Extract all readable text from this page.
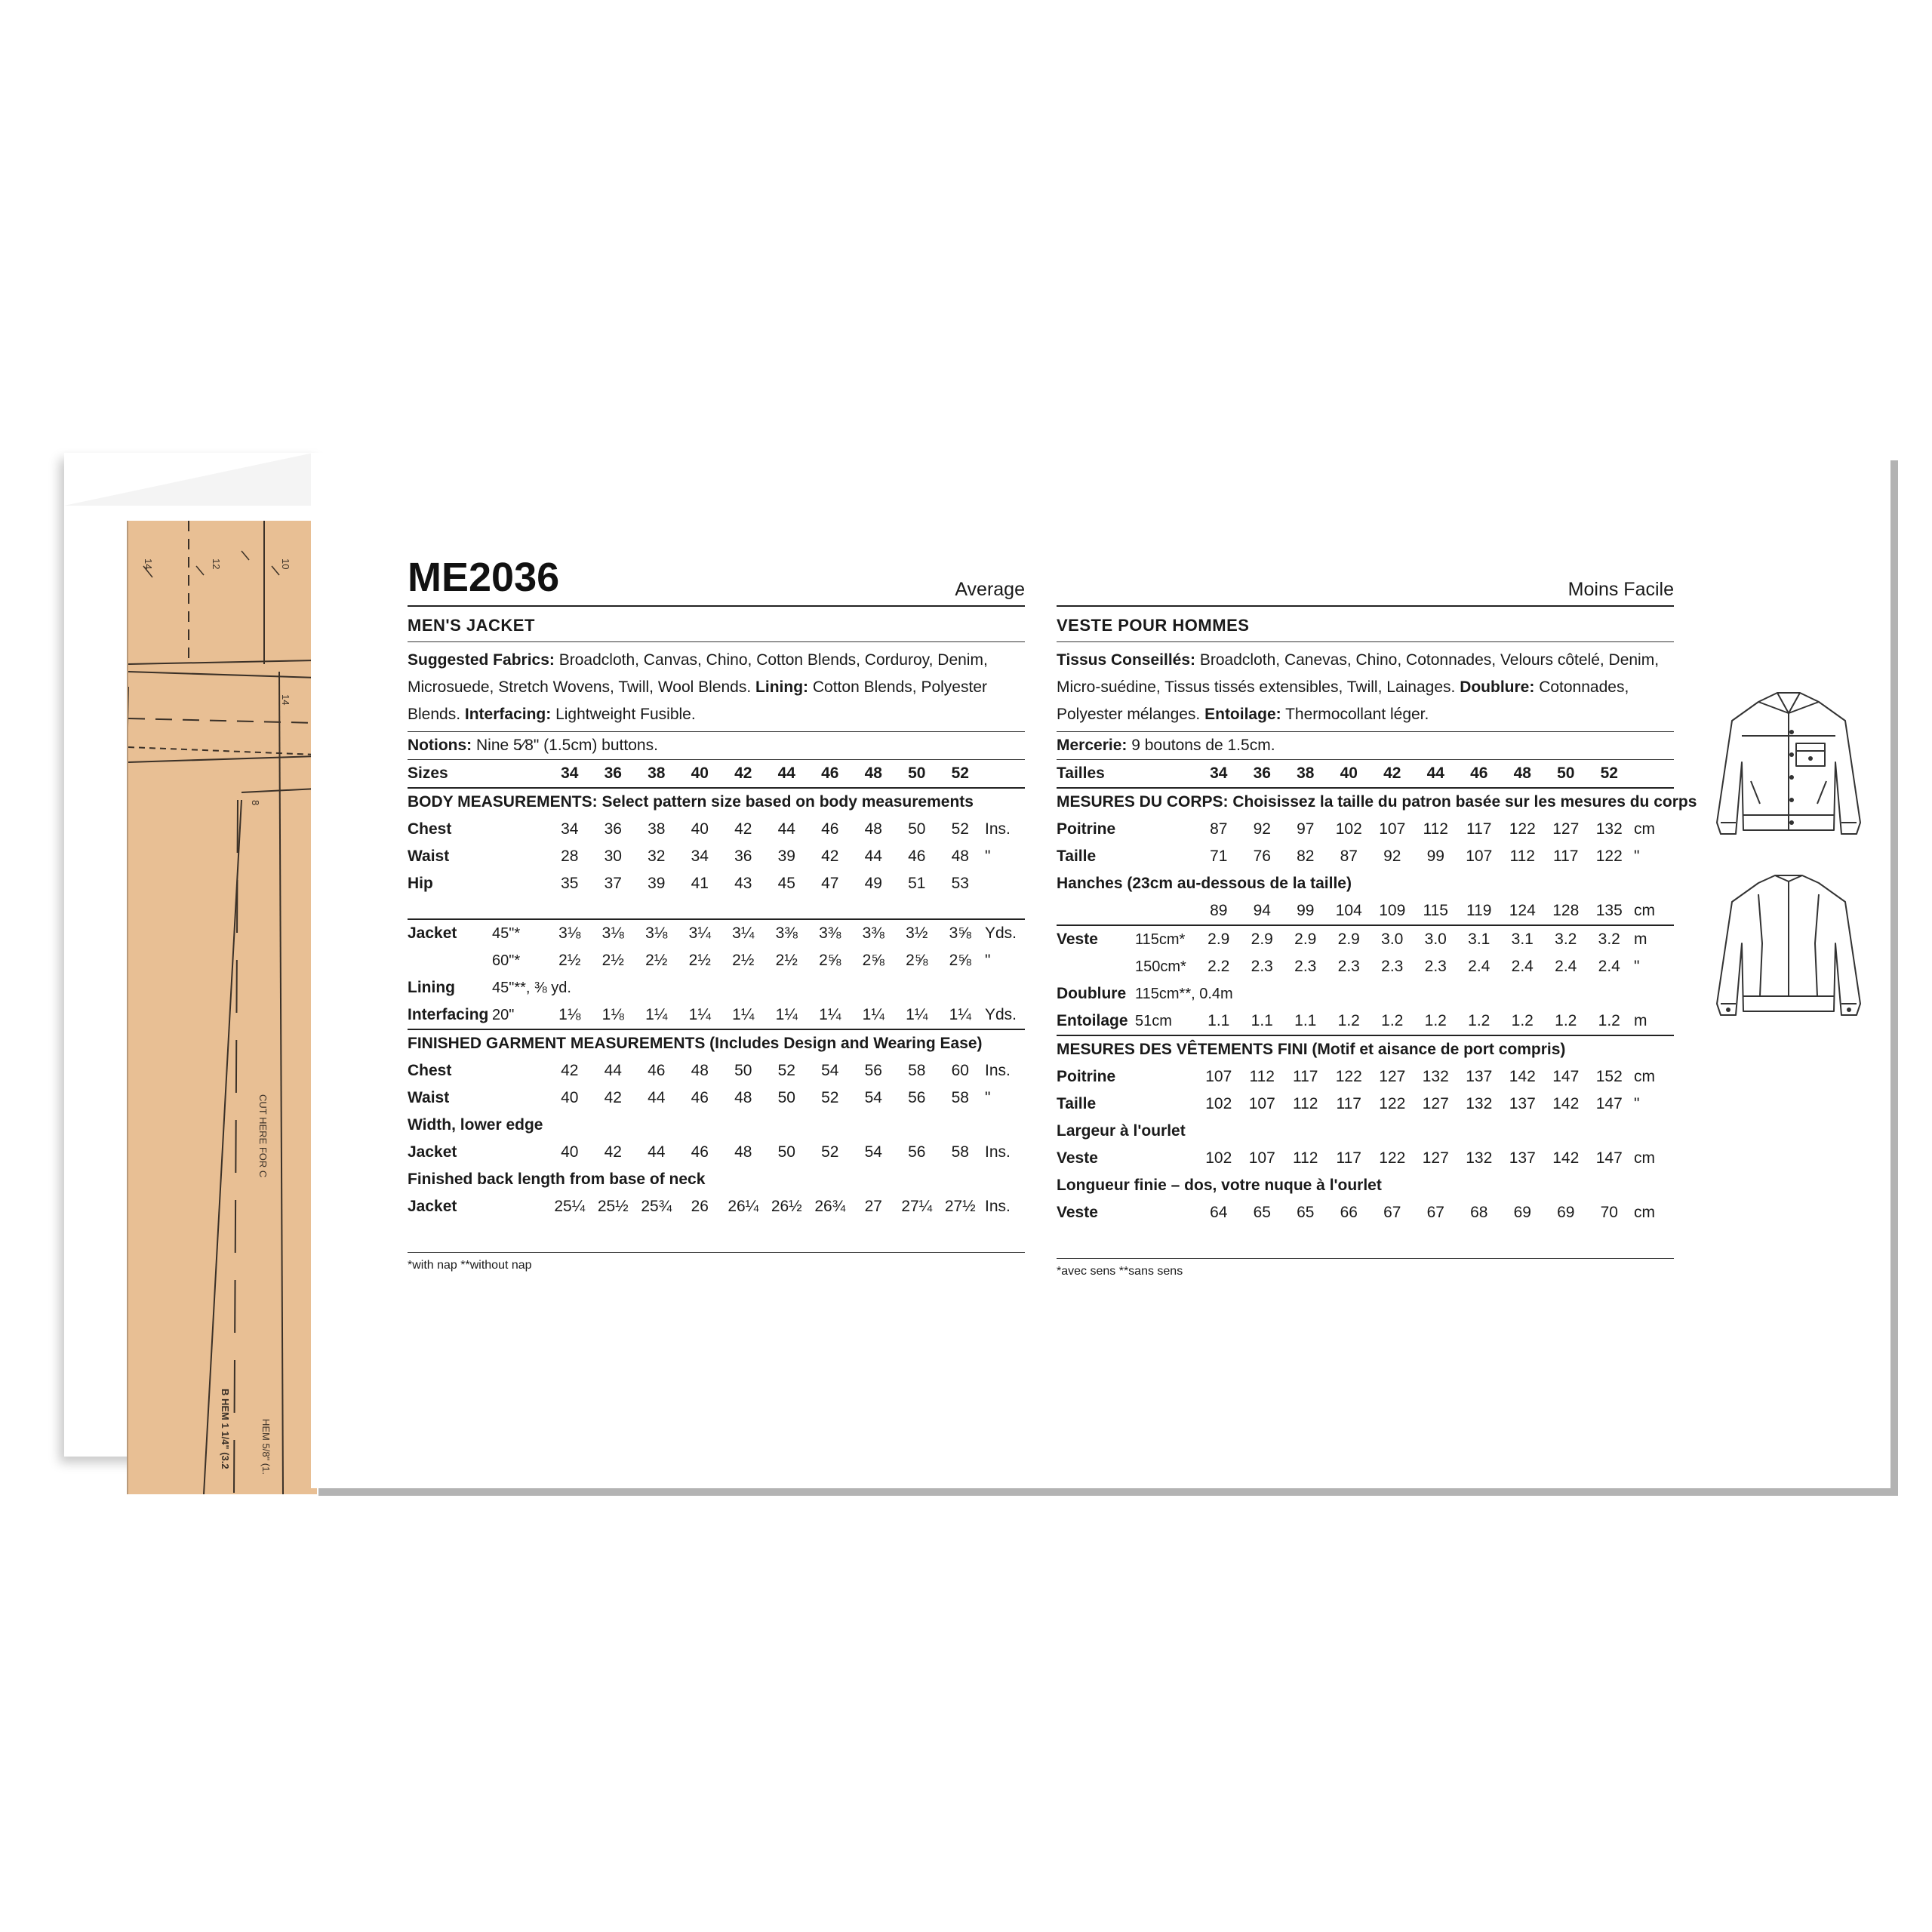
14	12	10
14
8
CUT HERE FOR C
B HEM 1 1/4" (3.2	HEM 5/8" (1.
ME2036	Average
MEN'S JACKET
Suggested Fabrics: Broadcloth, Canvas, Chino, Cotton Blends, Corduroy, Denim, Microsuede, Stretch Wovens, Twill, Wool Blends. Lining: Cotton Blends, Polyester Blends. Interfacing: Lightweight Fusible.
Notions: Nine 5⁄8" (1.5cm) buttons.
Sizes		34	36	38	40	42	44	46	48	50	52	
BODY MEASUREMENTS: Select pattern size based on body measurements												
Chest		34	36	38	40	42	44	46	48	50	52	Ins.
Waist		28	30	32	34	36	39	42	44	46	48	"
Hip		35	37	39	41	43	45	47	49	51	53	

Jacket	45"*	3⅛	3⅛	3⅛	3¼	3¼	3⅜	3⅜	3⅜	3½	3⅝	Yds.
	60"*	2½	2½	2½	2½	2½	2½	2⅝	2⅝	2⅝	2⅝	"
Lining	45"**, ⅜ yd.											
Interfacing	20"	1⅛	1⅛	1¼	1¼	1¼	1¼	1¼	1¼	1¼	1¼	Yds.
FINISHED GARMENT MEASUREMENTS (Includes Design and Wearing Ease)												
Chest		42	44	46	48	50	52	54	56	58	60	Ins.
Waist		40	42	44	46	48	50	52	54	56	58	"
Width, lower edge												
Jacket		40	42	44	46	48	50	52	54	56	58	Ins.
Finished back length from base of neck												
Jacket		25¼	25½	25¾	26	26¼	26½	26¾	27	27¼	27½	Ins.

*with nap **without nap
Moins Facile
VESTE POUR HOMMES
Tissus Conseillés: Broadcloth, Canevas, Chino, Cotonnades, Velours côtelé, Denim, Micro-suédine, Tissus tissés extensibles, Twill, Lainages. Doublure: Cotonnades, Polyester mélanges. Entoilage: Thermocollant léger.
Mercerie: 9 boutons de 1.5cm.
Tailles		34	36	38	40	42	44	46	48	50	52	
MESURES DU CORPS: Choisissez la taille du patron basée sur les mesures du corps												
Poitrine		87	92	97	102	107	112	117	122	127	132	cm
Taille		71	76	82	87	92	99	107	112	117	122	"
Hanches (23cm au-dessous de la taille)												
		89	94	99	104	109	115	119	124	128	135	cm
Veste	115cm*	2.9	2.9	2.9	2.9	3.0	3.0	3.1	3.1	3.2	3.2	m
	150cm*	2.2	2.3	2.3	2.3	2.3	2.3	2.4	2.4	2.4	2.4	"
Doublure	115cm**, 0.4m											
Entoilage	51cm	1.1	1.1	1.1	1.2	1.2	1.2	1.2	1.2	1.2	1.2	m
MESURES DES VÊTEMENTS FINI (Motif et aisance de port compris)												
Poitrine		107	112	117	122	127	132	137	142	147	152	cm
Taille		102	107	112	117	122	127	132	137	142	147	"
Largeur à l'ourlet												
Veste		102	107	112	117	122	127	132	137	142	147	cm
Longueur finie – dos, votre nuque à l'ourlet												
Veste		64	65	65	66	67	67	68	69	69	70	cm

*avec sens **sans sens
